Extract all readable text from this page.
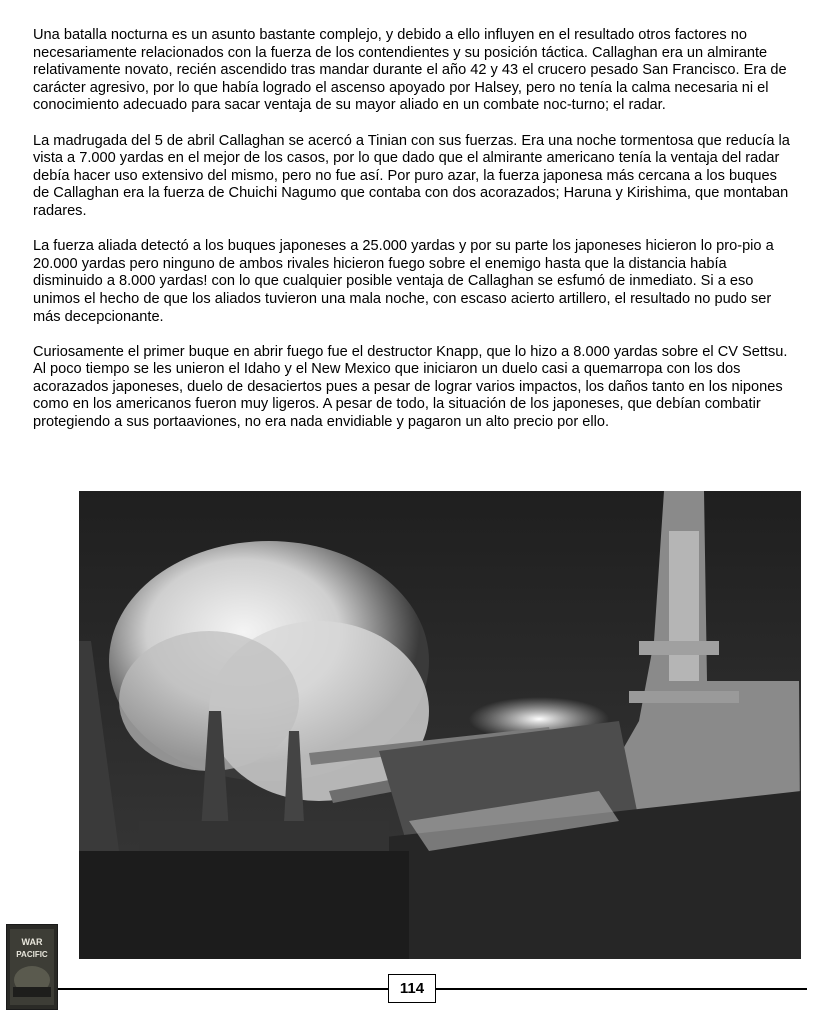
Una batalla nocturna es un asunto bastante complejo, y debido a ello influyen en el resultado otros factores no necesariamente relacionados con la fuerza de los contendientes y su posición táctica. Callaghan era un almirante relativamente novato, recién ascendido tras mandar durante el año 42 y 43 el crucero pesado San Francisco. Era de carácter agresivo, por lo que había logrado el ascenso apoyado por Halsey, pero no tenía la calma necesaria ni el conocimiento adecuado para sacar ventaja de su mayor aliado en un combate noc-turno; el radar.

La madrugada del 5 de abril Callaghan se acercó a Tinian con sus fuerzas. Era una noche tormentosa que reducía la vista a 7.000 yardas en el mejor de los casos, por lo que dado que el almirante americano tenía la ventaja del radar debía hacer uso extensivo del mismo, pero no fue así. Por puro azar, la fuerza japonesa más cercana a los buques de Callaghan era la fuerza de Chuichi Nagumo que contaba con dos acorazados; Haruna y Kirishima, que montaban radares.

La fuerza aliada detectó a los buques japoneses a 25.000 yardas y por su parte los japoneses hicieron lo pro-pio a 20.000 yardas pero ninguno de ambos rivales hicieron fuego sobre el enemigo hasta que la distancia había disminuido a 8.000 yardas! con lo que cualquier posible ventaja de Callaghan se esfumó de inmediato. Si a eso unimos el hecho de que los aliados tuvieron una mala noche, con escaso acierto artillero, el resultado no pudo ser más decepcionante.

Curiosamente el primer buque en abrir fuego fue el destructor Knapp, que lo hizo a 8.000 yardas sobre el CV Settsu. Al poco tiempo se les unieron el Idaho y el New Mexico que iniciaron un duelo casi a quemarropa con los dos acorazados japoneses, duelo de desaciertos pues a pesar de lograr varios impactos, los daños tanto en los nipones como en los americanos fueron muy ligeros. A pesar de todo, la situación de los japoneses, que debían combatir protegiendo a sus portaaviones, no era nada envidiable y pagaron un alto precio por ello.

114
WAR
PACIFIC
